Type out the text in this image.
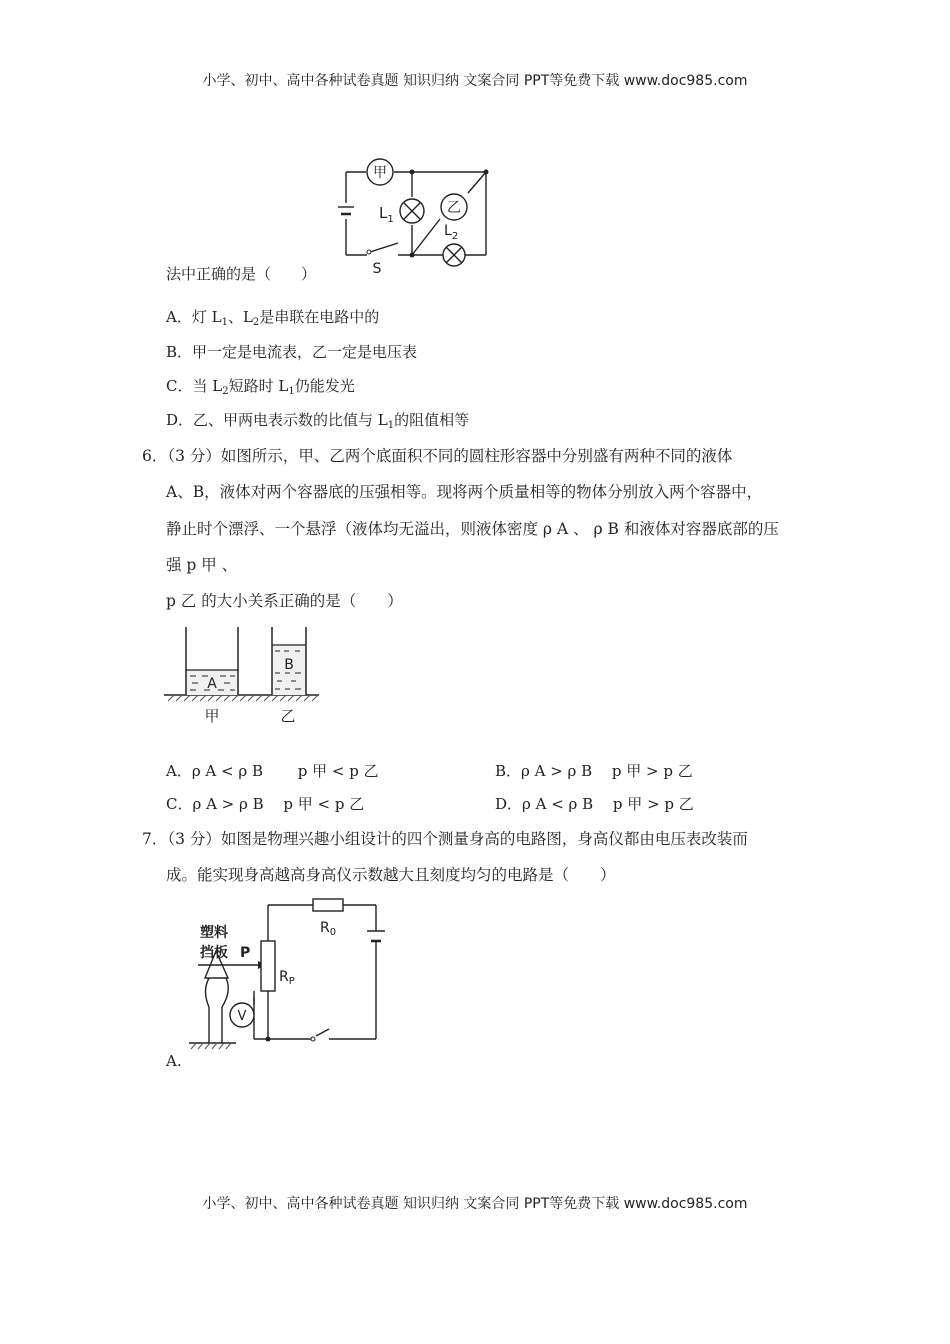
小学、初中、高中各种试卷真题 知识归纳 文案合同 PPT等免费下载 www.doc985.com
甲
$L_1$
乙
$L_2$
S
法中正确的是（　　）
A．灯 $L_1$、$L_2$是串联在电路中的
B．甲一定是电流表，乙一定是电压表
C．当 $L_2$短路时 $L_1$仍能发光
D．乙、甲两电表示数的比值与 $L_1$的阻值相等
6．（3 分）如图所示，甲、乙两个底面积不同的圆柱形容器中分别盛有两种不同的液体
A、B，液体对两个容器底的压强相等。现将两个质量相等的物体分别放入两个容器中，
静止时个漂浮、一个悬浮（液体均无溢出，则液体密度 ρ A 、 ρ B 和液体对容器底部的压
强 p 甲 、
p 乙 的大小关系正确的是（　　）
A
B
甲	乙
A．ρ A < ρ B 　　p 甲 < p 乙	B．ρ A > ρ B 　p 甲 > p 乙
C．ρ A > ρ B 　p 甲 < p 乙	D．ρ A < ρ B 　p 甲 > p 乙
7．（3 分）如图是物理兴趣小组设计的四个测量身高的电路图，身高仪都由电压表改装而
成。能实现身高越高身高仪示数越大且刻度均匀的电路是（　　）
V
塑料
挡板 P
$R_0$
$R_P$
A.
小学、初中、高中各种试卷真题 知识归纳 文案合同 PPT等免费下载 www.doc985.com
